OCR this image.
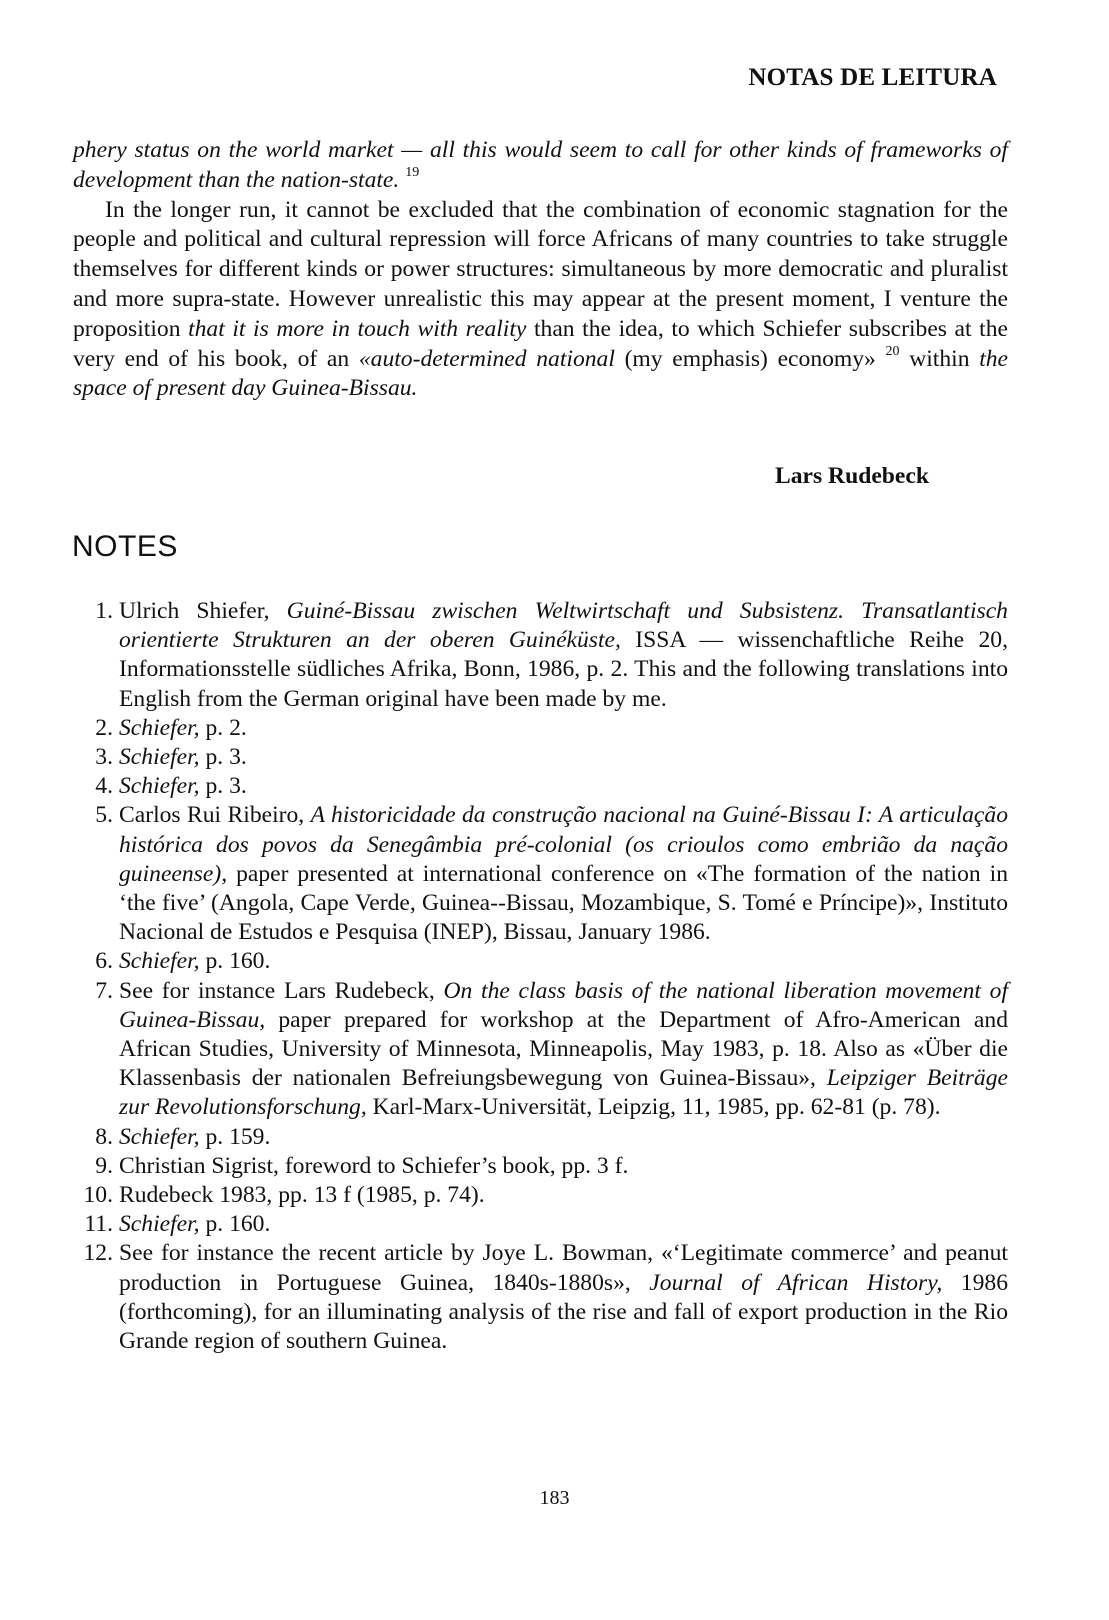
NOTAS DE LEITURA

phery status on the world market — all this would seem to call for other kinds of frameworks of development than the nation-state. $^{19}$

In the longer run, it cannot be excluded that the combination of economic stagnation for the people and political and cultural repression will force Africans of many countries to take struggle themselves for different kinds or power structures: simultaneous by more democratic and pluralist and more supra-state. However unrealistic this may appear at the present moment, I venture the proposition that it is more in touch with reality than the idea, to which Schiefer subscribes at the very end of his book, of an «auto-determined national (my emphasis) economy» $^{20}$ within the space of present day Guinea-Bissau.

Lars Rudebeck
NOTES
1. Ulrich Shiefer, Guiné-Bissau zwischen Weltwirtschaft und Subsistenz. Transatlantisch orientierte Strukturen an der oberen Guinéküste, ISSA — wissenchaftliche Reihe 20, Informationsstelle südliches Afrika, Bonn, 1986, p. 2. This and the following translations into English from the German original have been made by me.
2. Schiefer, p. 2.
3. Schiefer, p. 3.
4. Schiefer, p. 3.
5. Carlos Rui Ribeiro, A historicidade da construção nacional na Guiné-Bissau I: A articulação histórica dos povos da Senegâmbia pré-colonial (os crioulos como embrião da nação guineense), paper presented at international conference on «The formation of the nation in ‘the five’ (Angola, Cape Verde, Guinea--Bissau, Mozambique, S. Tomé e Príncipe)», Instituto Nacional de Estudos e Pesquisa (INEP), Bissau, January 1986.
6. Schiefer, p. 160.
7. See for instance Lars Rudebeck, On the class basis of the national liberation movement of Guinea-Bissau, paper prepared for workshop at the Department of Afro-American and African Studies, University of Minnesota, Minneapolis, May 1983, p. 18. Also as «Über die Klassenbasis der nationalen Befreiungsbewegung von Guinea-Bissau», Leipziger Beiträge zur Revolutionsforschung, Karl-Marx-Universität, Leipzig, 11, 1985, pp. 62-81 (p. 78).
8. Schiefer, p. 159.
9. Christian Sigrist, foreword to Schiefer’s book, pp. 3 f.
10. Rudebeck 1983, pp. 13 f (1985, p. 74).
11. Schiefer, p. 160.
12. See for instance the recent article by Joye L. Bowman, «‘Legitimate commerce’ and peanut production in Portuguese Guinea, 1840s-1880s», Journal of African History, 1986 (forthcoming), for an illuminating analysis of the rise and fall of export production in the Rio Grande region of southern Guinea.
183
